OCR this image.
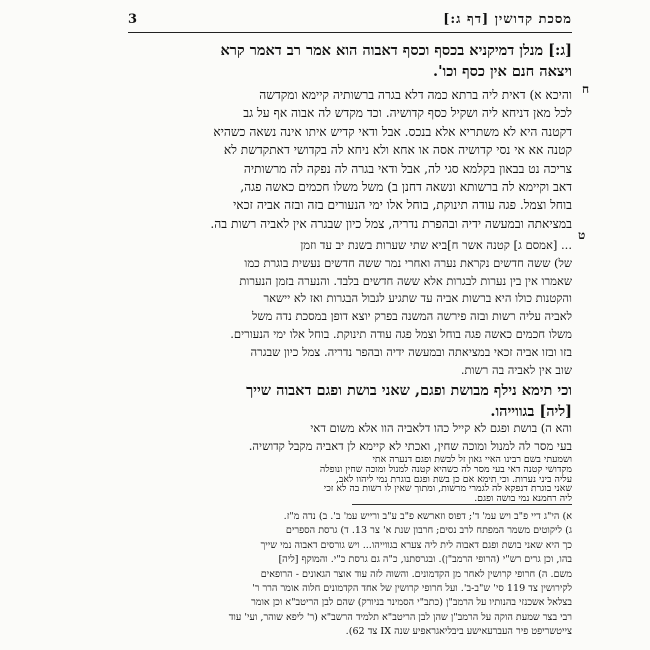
3	מסכת קדושין [דף ג:]
ח
ט

[ג:] מנלן דמיקניא בכסף וכסף דאבוה הוא אמר רב דאמר קרא

ויצאה חנם אין כסף וכו'.

והיכא א) דאית ליה ברתא כמה דלא בגרה ברשותיה קיימא ומקדשה

לכל מאן דניחא ליה ושקיל כסף קדושיה. וכד מקדש לה אבוה אף על גב

דקטנה היא לא משתריא אלא בנכס. אבל ודאי קדיש איתו אינה נשאה כשהיא

קטנה אא אי נסי קדושיה אסה או אחא ולא ניחא לה בקדושי דאתקדשת לא

צריכה נט בבאון בקלמא סגי לה, אבל ודאי בגרה לה נפקה לה מרשותיה

דאב וקיימא לה ברשותא ונשאה דחנן ב) משל משלו חכמים כאשה פגה,

בוחל וצמל. פגה עודה תינוקת, בוחל אלו ימי הנעורים בזה ובזה אביה זכאי

במציאתה ובמעשה ידיה ובהפרת נדריה, צמל כיון שבגרה אין לאביה רשות בה.

... [אמסם ג] קטנה אשר ח]ביא שתי שערות בשנת יב עד וזמן

של) ששה חדשים נקראת נערה ואחרי נמר ששה חדשים נעשית בוגרת כמו

שאמרו אין בין נערות לבגרות אלא ששה חדשים בלבד. והנערה בזמן הנערות

והקטנות כולו היא ברשות אביה עד שתגיע לגבול הבגרות ואז לא יישאר

לאביה עליה רשות ובזה פירשה המשנה בפרק יוצא דופן במסכת נדה משל

משלו חכמים כאשה פגה בוחל וצמל פגה עודה תינוקת. בוחל אלו ימי הנעורים.

בזו ובזו אביה זכאי במציאתה ובמעשה ידיה ובהפר נדריה. צמל כיון שבגרה

שוב אין לאביה בה רשות.

וכי תימא נילף מבושת ופגם, שאני בושת ופגם דאבוה שייך

[ליה] בגווייהו.

והא ה) בושת ופגם לא קייל כהו דלאביה הוו אלא משום דאי

בעי מסר לה למנול ומוכה שחין, ואכתי לא קיימא לן דאביה מקבל קדושיה.

ושמעתי בשם רבינו האיי גאון זל לבשת ופגם דנערה אתי

מקדושי קטנה דאי בעי מסר לה כשהיא קטנה למנול ומוכה שחין ונופלה

עליה ביני נערות. וכי תימא אם כן בשת ופגם בוגרת נמי ליהוו לאב,

שאני בוגרת דנפקא לה לגמרי מרשות, ומתוך שאין לו רשות בה לא זכי

ליה רחמנא נמי בושה ופגם.

א) הי"ג דיי פ"ב ויש עמ' ד'; דפוס וזארשא פ"ב ע"ב ורייש עמ' ב'. ב) נדה מ"ז.

ג) ליקוטים משמר המפתח לרב נסים; חרבון שנת א' צר 13. ד) גרסת הספרים

כך היא שאני בושת ופגם דאבוה לית ליה צערא בגווייהו... ויש גורסים דאבוה נמי שייך

בהו, וכן גרים רש"י (הרופי הרמב"ן). ובגרסתנו, כ"ה גם גרסת כ"י. והמוקף [ליה]

משם. ה) חרופי קרושין לאחר מן הקדמונים. והשוה לזה עוד אוצר הגאונים - הרופאים

לקירושין צד 119 סי' ש"ב-ב'. ועל חרופי קרושין של אחד הקדמונים חלוה אומר הרר ר'

בצלאל אשכנזי בהנותיו על הרמב"ן (כתב"י הסמינר בניורק) שהם לבן הריטב"א וכן אומר

רבי בצר שמעת הוקה על הרמב"ן שהן לבן הריטב"א תלמיד הרשב"א (ר' ליפא שוהר, ועי' עוד

צייטשריפט פיר העברעאישע ביבליאגראפיע שנה IX צד 62).
